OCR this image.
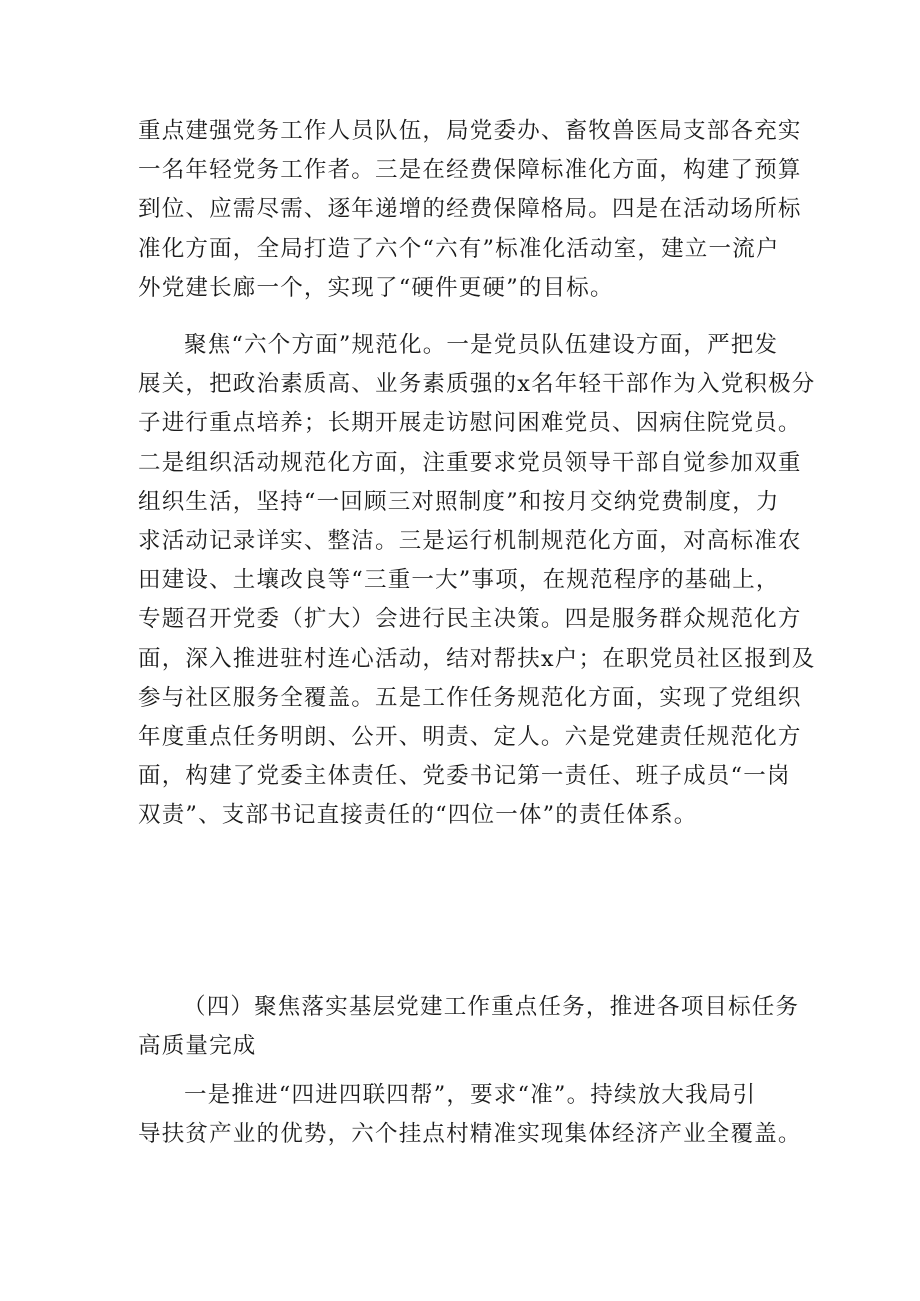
重点建强党务工作人员队伍，局党委办、畜牧兽医局支部各充实
一名年轻党务工作者。三是在经费保障标准化方面，构建了预算
到位、应需尽需、逐年递增的经费保障格局。四是在活动场所标
准化方面，全局打造了六个“六有”标准化活动室，建立一流户
外党建长廊一个，实现了“硬件更硬”的目标。
聚焦“六个方面”规范化。一是党员队伍建设方面，严把发
展关，把政治素质高、业务素质强的x名年轻干部作为入党积极分
子进行重点培养；长期开展走访慰问困难党员、因病住院党员。
二是组织活动规范化方面，注重要求党员领导干部自觉参加双重
组织生活，坚持“一回顾三对照制度”和按月交纳党费制度，力
求活动记录详实、整洁。三是运行机制规范化方面，对高标准农
田建设、土壤改良等“三重一大”事项，在规范程序的基础上，
专题召开党委（扩大）会进行民主决策。四是服务群众规范化方
面，深入推进驻村连心活动，结对帮扶x户；在职党员社区报到及
参与社区服务全覆盖。五是工作任务规范化方面，实现了党组织
年度重点任务明朗、公开、明责、定人。六是党建责任规范化方
面，构建了党委主体责任、党委书记第一责任、班子成员“一岗
双责”、支部书记直接责任的“四位一体”的责任体系。
（四）聚焦落实基层党建工作重点任务，推进各项目标任务
高质量完成
一是推进“四进四联四帮”，要求“准”。持续放大我局引
导扶贫产业的优势，六个挂点村精准实现集体经济产业全覆盖。
